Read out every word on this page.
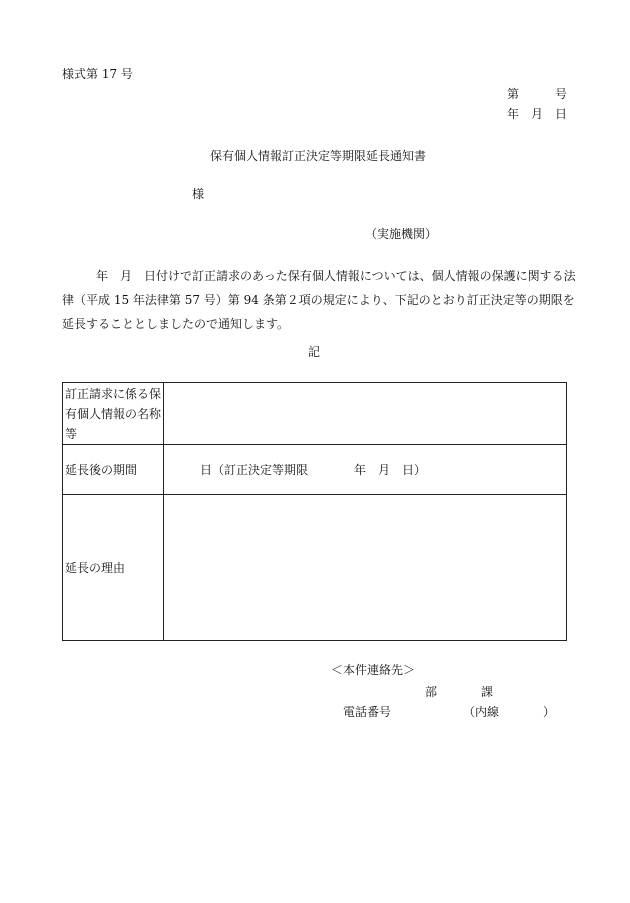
様式第 17 号
第	号
年 月 日
保有個人情報訂正決定等期限延長通知書
様
（実施機関）
年　月　日付けで訂正請求のあった保有個人情報については、個人情報の保護に関する法律（平成 15 年法律第 57 号）第 94 条第２項の規定により、下記のとおり訂正決定等の期限を延長することとしましたので通知します。
記
訂正請求に係る保有個人情報の名称等	
延長後の期間	日（訂正決定等期限 年　月　日）
延長の理由	
＜本件連絡先＞
部	課
電話番号	（内線	）
